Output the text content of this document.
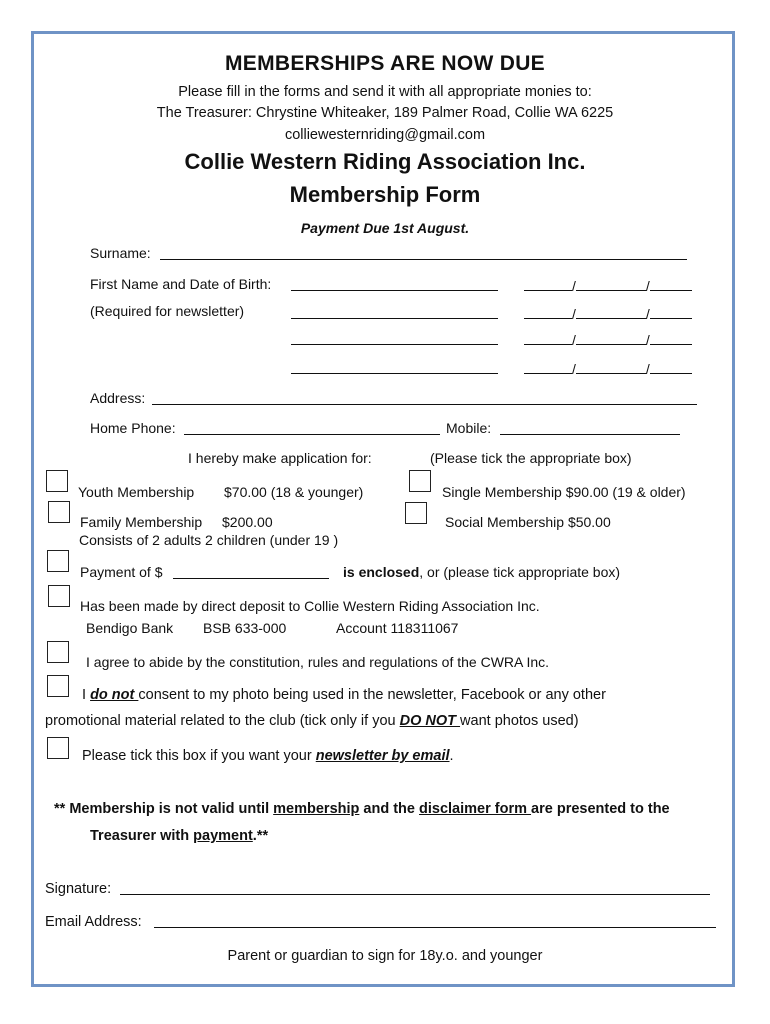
MEMBERSHIPS ARE NOW DUE
Please fill in the forms and send it with all appropriate monies to:
The Treasurer: Chrystine Whiteaker, 189 Palmer Road, Collie WA 6225
colliewesternriding@gmail.com
Collie Western Riding Association Inc.
Membership Form
Payment Due 1st August.
Surname:
First Name and Date of Birth:
(Required for newsletter)
/	/
/	/
/	/
/	/
Address:
Home Phone:	Mobile:
I hereby make application for:	(Please tick the appropriate box)
Youth Membership $70.00 (18 & younger)	Single Membership $90.00 (19 & older)
Family Membership $200.00
Consists of 2 adults 2 children (under 19 )
Social Membership $50.00
Payment of $	is enclosed, or (please tick appropriate box)
Has been made by direct deposit to Collie Western Riding Association Inc.
Bendigo Bank BSB 633-000	Account 118311067
I agree to abide by the constitution, rules and regulations of the CWRA Inc.
I do not consent to my photo being used in the newsletter, Facebook or any other
promotional material related to the club (tick only if you DO NOT want photos used)
Please tick this box if you want your newsletter by email.
** Membership is not valid until membership and the disclaimer form are presented to the
Treasurer with payment.**
Signature:
Email Address:
Parent or guardian to sign for 18y.o. and younger
